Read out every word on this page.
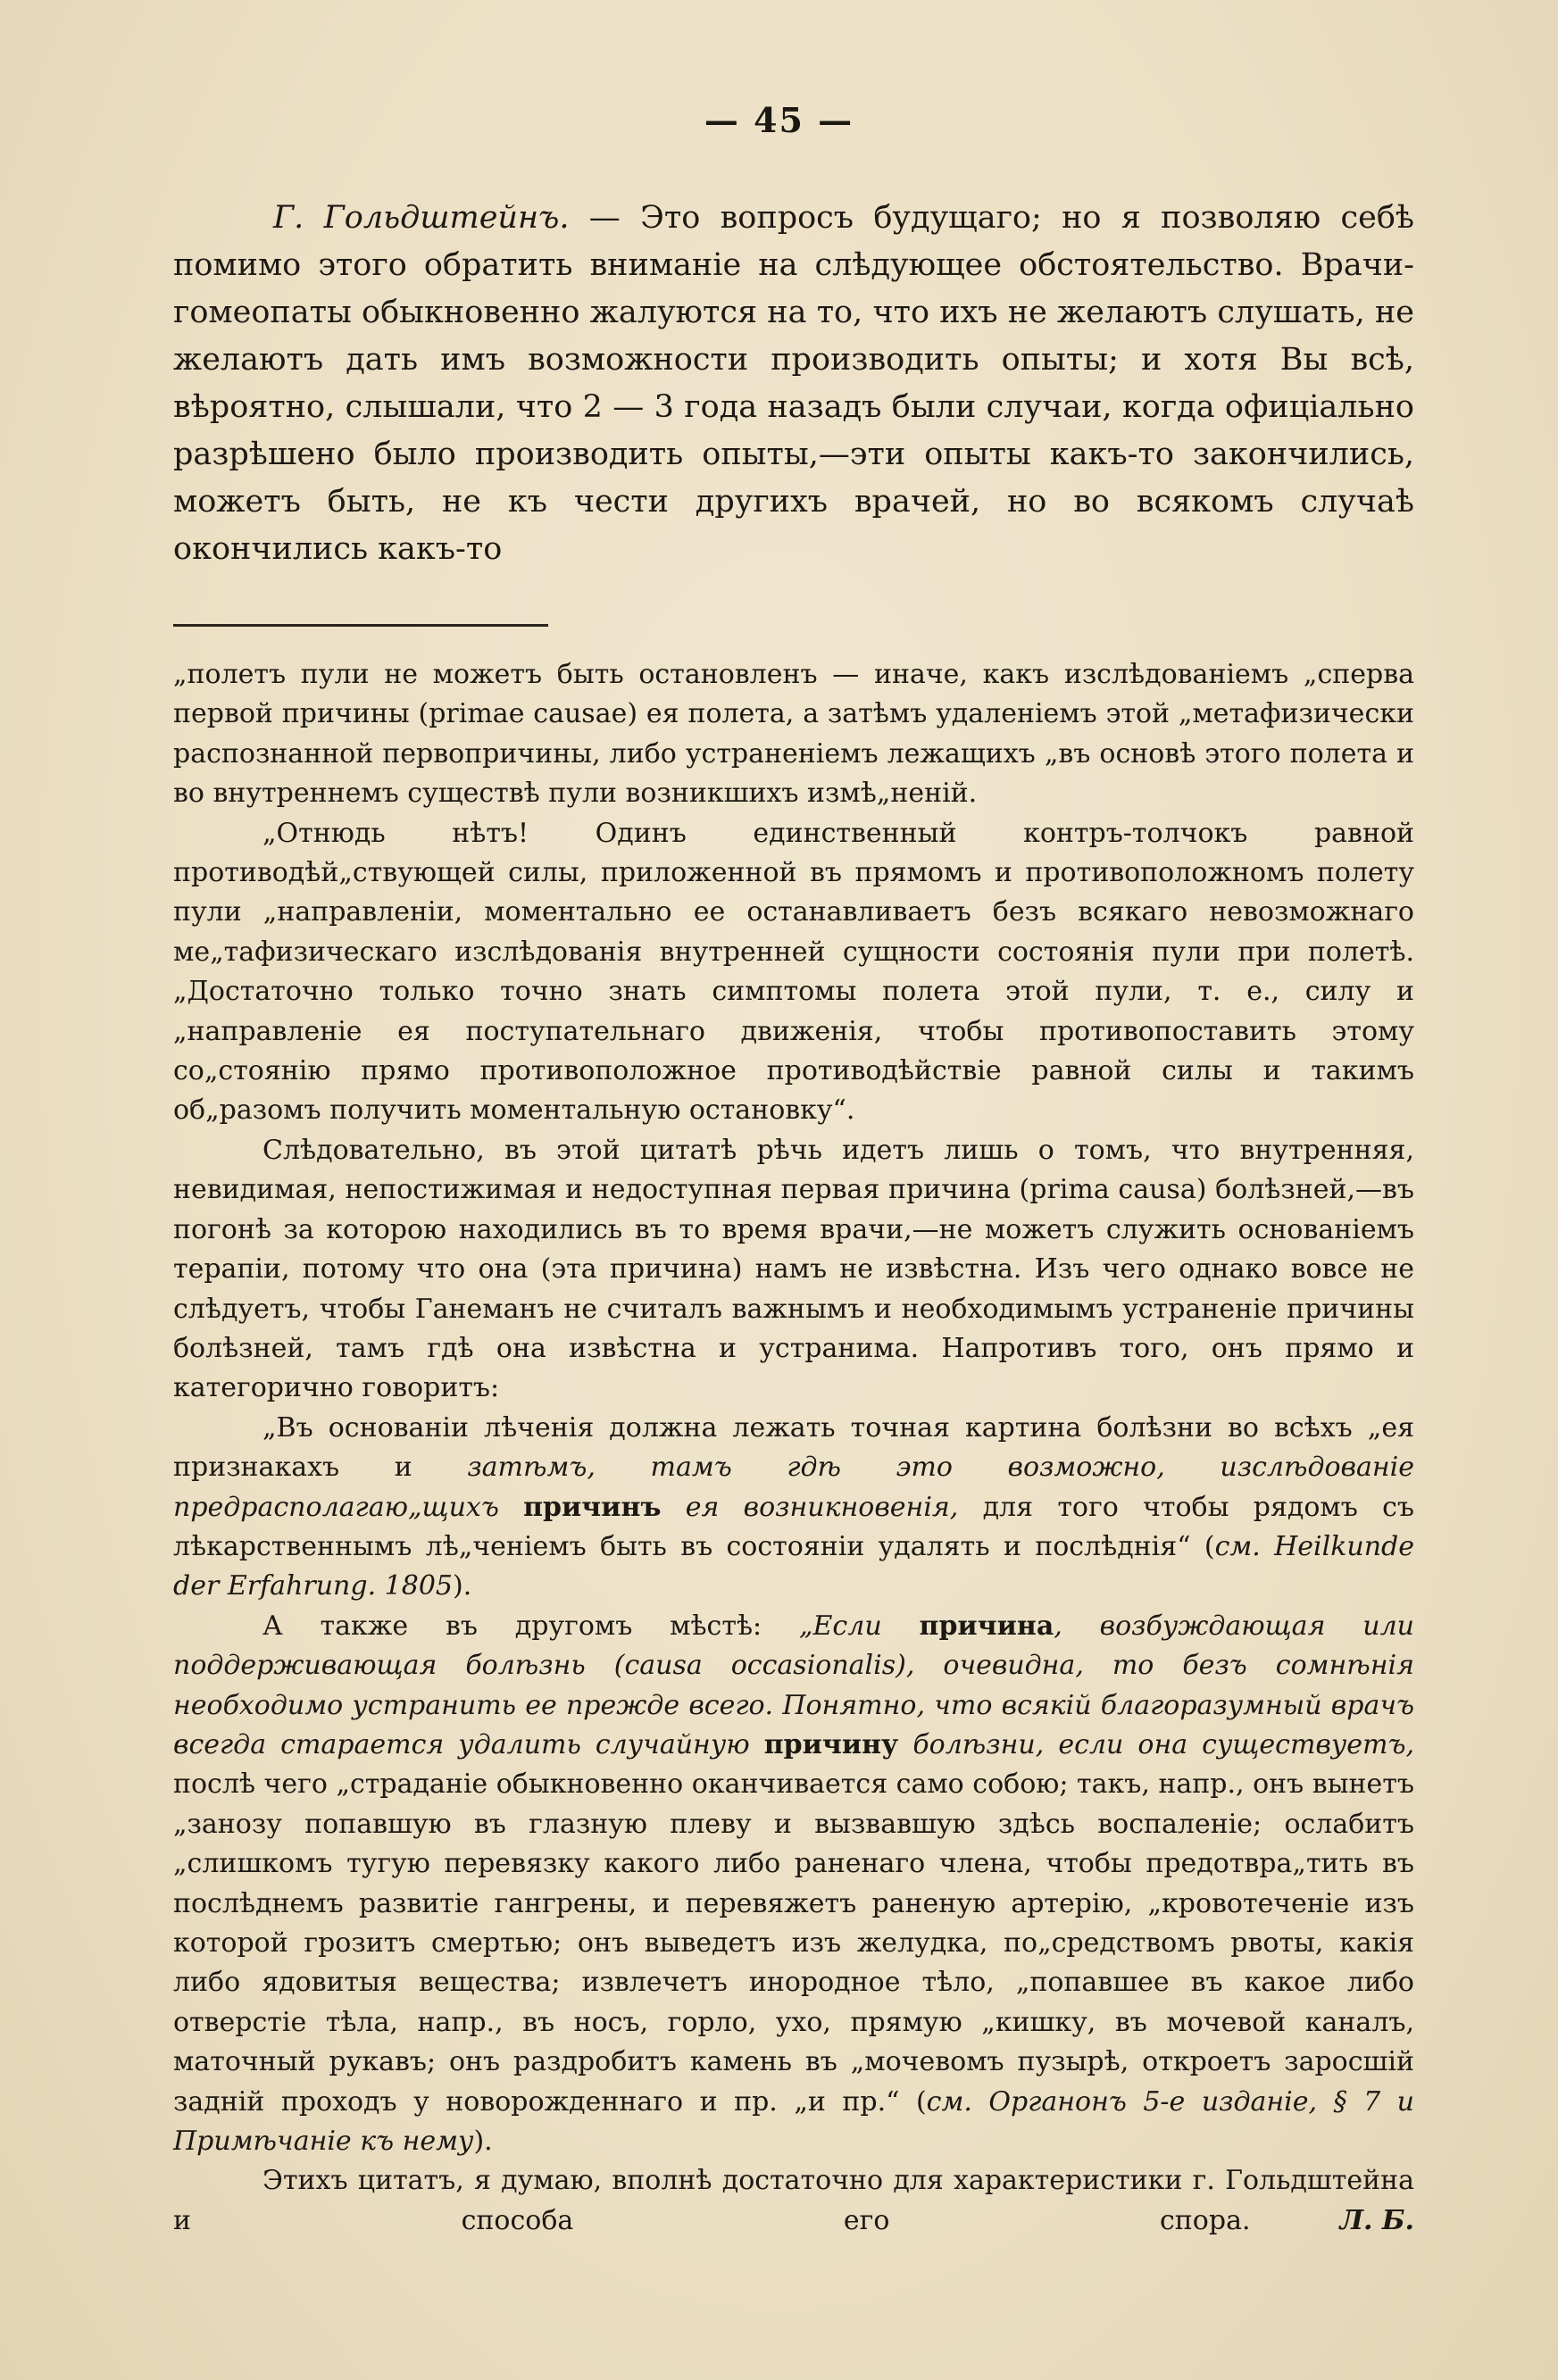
— 45 —

Г. Гольдштейнъ. — Это вопросъ будущаго; но я позволяю себѣ помимо этого обратить вниманіе на слѣдующее обстоятельство. Врачи-гомеопаты обыкновенно жалуются на то, что ихъ не желаютъ слушать, не желаютъ дать имъ возможности производить опыты; и хотя Вы всѣ, вѣроятно, слышали, что 2 — 3 года назадъ были случаи, когда офиціально разрѣшено было производить опыты,—эти опыты какъ-то закончились, можетъ быть, не къ чести другихъ врачей, но во всякомъ случаѣ окончились какъ-то

„полетъ пули не можетъ быть остановленъ — иначе, какъ изслѣдованіемъ „сперва первой причины (primae causae) ея полета, а затѣмъ удаленіемъ этой „метафизически распознанной первопричины, либо устраненіемъ лежащихъ „въ основѣ этого полета и во внутреннемъ существѣ пули возникшихъ измѣ„неній.

„Отнюдь нѣтъ! Одинъ единственный контръ-толчокъ равной противодѣй„ствующей силы, приложенной въ прямомъ и противоположномъ полету пули „направленіи, моментально ее останавливаетъ безъ всякаго невозможнаго ме„тафизическаго изслѣдованія внутренней сущности состоянія пули при полетѣ. „Достаточно только точно знать симптомы полета этой пули, т. е., силу и „направленіе ея поступательнаго движенія, чтобы противопоставить этому со„стоянію прямо противоположное противодѣйствіе равной силы и такимъ об„разомъ получить моментальную остановку“.

Слѣдовательно, въ этой цитатѣ рѣчь идетъ лишь о томъ, что внутренняя, невидимая, непостижимая и недоступная первая причина (prima causa) болѣзней,—въ погонѣ за которою находились въ то время врачи,—не можетъ служить основаніемъ терапіи, потому что она (эта причина) намъ не извѣстна. Изъ чего однако вовсе не слѣдуетъ, чтобы Ганеманъ не считалъ важнымъ и необходимымъ устраненіе причины болѣзней, тамъ гдѣ она извѣстна и устранима. Напротивъ того, онъ прямо и категорично говоритъ:

„Въ основаніи лѣченія должна лежать точная картина болѣзни во всѣхъ „ея признакахъ и затѣмъ, тамъ гдѣ это возможно, изслѣдованіе предрасполагаю„щихъ причинъ ея возникновенія, для того чтобы рядомъ съ лѣкарственнымъ лѣ„ченіемъ быть въ состояніи удалять и послѣднія“ (см. Heilkunde der Erfahrung. 1805).

А также въ другомъ мѣстѣ: „Если причина, возбуждающая или поддерживающая болѣзнь (causa occasionalis), очевидна, то безъ сомнѣнія необходимо устранить ее прежде всего. Понятно, что всякій благоразумный врачъ всегда старается удалить случайную причину болѣзни, если она существуетъ, послѣ чего „страданіе обыкновенно оканчивается само собою; такъ, напр., онъ вынетъ „занозу попавшую въ глазную плеву и вызвавшую здѣсь воспаленіе; ослабитъ „слишкомъ тугую перевязку какого либо раненаго члена, чтобы предотвра„тить въ послѣднемъ развитіе гангрены, и перевяжетъ раненую артерію, „кровотеченіе изъ которой грозитъ смертью; онъ выведетъ изъ желудка, по„средствомъ рвоты, какія либо ядовитыя вещества; извлечетъ инородное тѣло, „попавшее въ какое либо отверстіе тѣла, напр., въ носъ, горло, ухо, прямую „кишку, въ мочевой каналъ, маточный рукавъ; онъ раздробитъ камень въ „мочевомъ пузырѣ, откроетъ заросшій задній проходъ у новорожденнаго и пр. „и пр.“ (см. Органонъ 5-е изданіе, § 7 и Примѣчаніе къ нему).

Этихъ цитатъ, я думаю, вполнѣ достаточно для характеристики г. Гольдштейна и способа его спора.	Л. Б.
